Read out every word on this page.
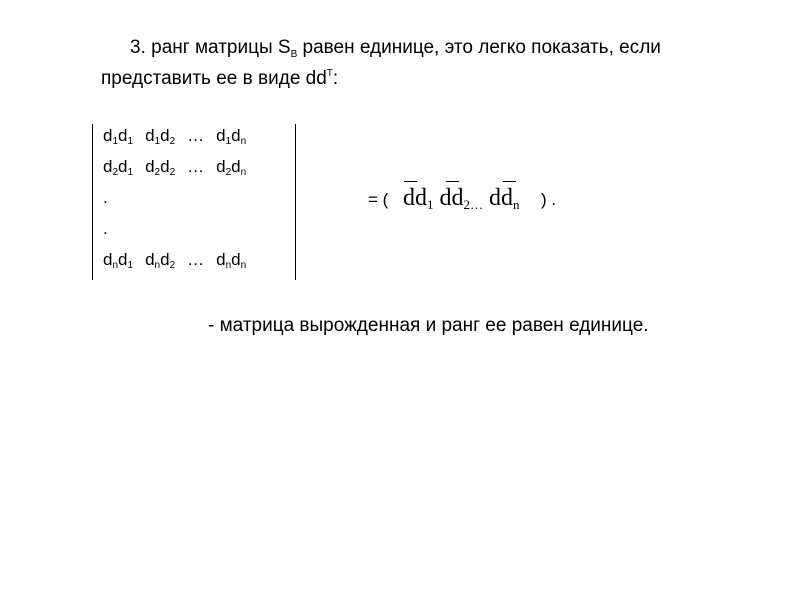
3. ранг матрицы $S_B$ равен единице, это легко показать, если
представить ее в виде $dd^T$:
$d_1d_1$ $d_1d_2$ … $d_1d_n$
$d_2d_1$ $d_2d_2$ … $d_2d_n$
.
.
$d_nd_1$ $d_nd_2$ … $d_nd_n$
= ( $dd_1$ $dd_{2\dots}$ $dd_n$ ) .
- матрица вырожденная и ранг ее равен единице.
